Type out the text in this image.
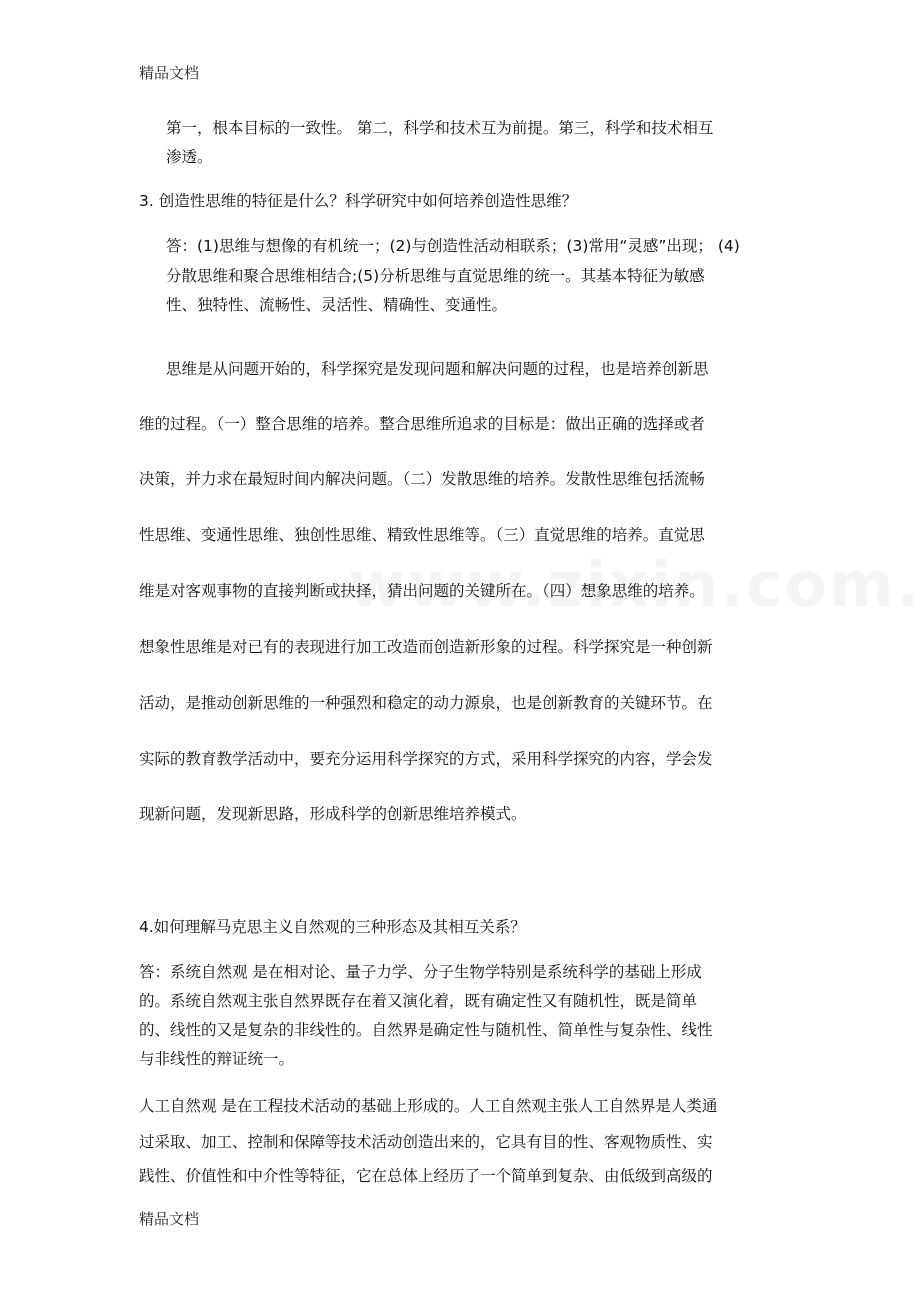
精品文档
第一，根本目标的一致性。 第二，科学和技术互为前提。第三，科学和技术相互
渗透。
3. 创造性思维的特征是什么？科学研究中如何培养创造性思维？
答：(1)思维与想像的有机统一；(2)与创造性活动相联系；(3)常用“灵感”出现； (4)
分散思维和聚合思维相结合;(5)分析思维与直觉思维的统一。其基本特征为敏感
性、独特性、流畅性、灵活性、精确性、变通性。
思维是从问题开始的，科学探究是发现问题和解决问题的过程，也是培养创新思
维的过程。（一）整合思维的培养。整合思维所追求的目标是：做出正确的选择或者
决策，并力求在最短时间内解决问题。（二）发散思维的培养。发散性思维包括流畅
性思维、变通性思维、独创性思维、精致性思维等。（三）直觉思维的培养。直觉思
维是对客观事物的直接判断或抉择，猜出问题的关键所在。（四）想象思维的培养。
想象性思维是对已有的表现进行加工改造而创造新形象的过程。科学探究是一种创新
活动，是推动创新思维的一种强烈和稳定的动力源泉，也是创新教育的关键环节。在
实际的教育教学活动中，要充分运用科学探究的方式，采用科学探究的内容，学会发
现新问题，发现新思路，形成科学的创新思维培养模式。
4.如何理解马克思主义自然观的三种形态及其相互关系？
答：系统自然观 是在相对论、量子力学、分子生物学特别是系统科学的基础上形成
的。系统自然观主张自然界既存在着又演化着，既有确定性又有随机性，既是简单
的、线性的又是复杂的非线性的。自然界是确定性与随机性、简单性与复杂性、线性
与非线性的辩证统一。
人工自然观 是在工程技术活动的基础上形成的。人工自然观主张人工自然界是人类通
过采取、加工、控制和保障等技术活动创造出来的，它具有目的性、客观物质性、实
践性、价值性和中介性等特征，它在总体上经历了一个简单到复杂、由低级到高级的
精品文档
